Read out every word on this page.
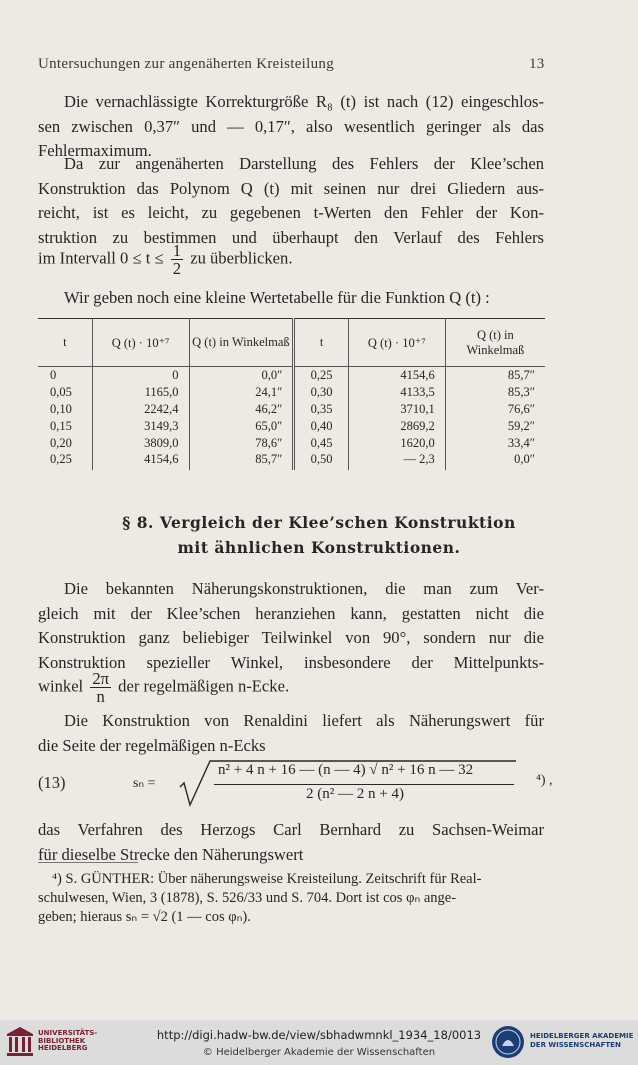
Untersuchungen zur angenäherten Kreisteilung	13
Die vernachlässigte Korrekturgröße R₈ (t) ist nach (12) eingeschlos-
sen zwischen 0,37″ und — 0,17″, also wesentlich geringer als das
Fehlermaximum.
Da zur angenäherten Darstellung des Fehlers der Klee’schen
Konstruktion das Polynom Q (t) mit seinen nur drei Gliedern aus-
reicht, ist es leicht, zu gegebenen t-Werten den Fehler der Kon-
struktion zu bestimmen und überhaupt den Verlauf des Fehlers
im Intervall $0 \le t \le \frac{1}{2}$ zu überblicken.
Wir geben noch eine kleine Wertetabelle für die Funktion Q (t) :
t	Q (t) · 10⁺⁷	Q (t) in Winkelmaß	t	Q (t) · 10⁺⁷	Q (t) in Winkelmaß
0	0	0,0″	0,25	4154,6	85,7″
0,05	1165,0	24,1″	0,30	4133,5	85,3″
0,10	2242,4	46,2″	0,35	3710,1	76,6″
0,15	3149,3	65,0″	0,40	2869,2	59,2″
0,20	3809,0	78,6″	0,45	1620,0	33,4″
0,25	4154,6	85,7″	0,50	— 2,3	0,0″
§ 8. Vergleich der Klee’schen Konstruktion
mit ähnlichen Konstruktionen.
Die bekannten Näherungskonstruktionen, die man zum Ver-
gleich mit der Klee’schen heranziehen kann, gestatten nicht die
Konstruktion ganz beliebiger Teilwinkel von 90°, sondern nur die
Konstruktion spezieller Winkel, insbesondere der Mittelpunkts-
winkel $\frac{2\pi}{n}$ der regelmäßigen n-Ecke.
Die Konstruktion von Renaldini liefert als Näherungswert für
die Seite der regelmäßigen n-Ecks
(13)	sₙ =
n² + 4 n + 16 — (n — 4) √ n² + 16 n — 32
2 (n² — 2 n + 4)
⁴) ,
das Verfahren des Herzogs Carl Bernhard zu Sachsen-Weimar
für dieselbe Strecke den Näherungswert
⁴) S. GÜNTHER: Über näherungsweise Kreisteilung. Zeitschrift für Real-
schulwesen, Wien, 3 (1878), S. 526/33 und S. 704. Dort ist cos φₙ ange-
geben; hieraus sₙ = √2 (1 — cos φₙ).
UNIVERSITÄTS-
BIBLIOTHEK
HEIDELBERG
http://digi.hadw-bw.de/view/sbhadwmnkl_1934_18/0013
© Heidelberger Akademie der Wissenschaften
HEIDELBERGER AKADEMIE
DER WISSENSCHAFTEN
